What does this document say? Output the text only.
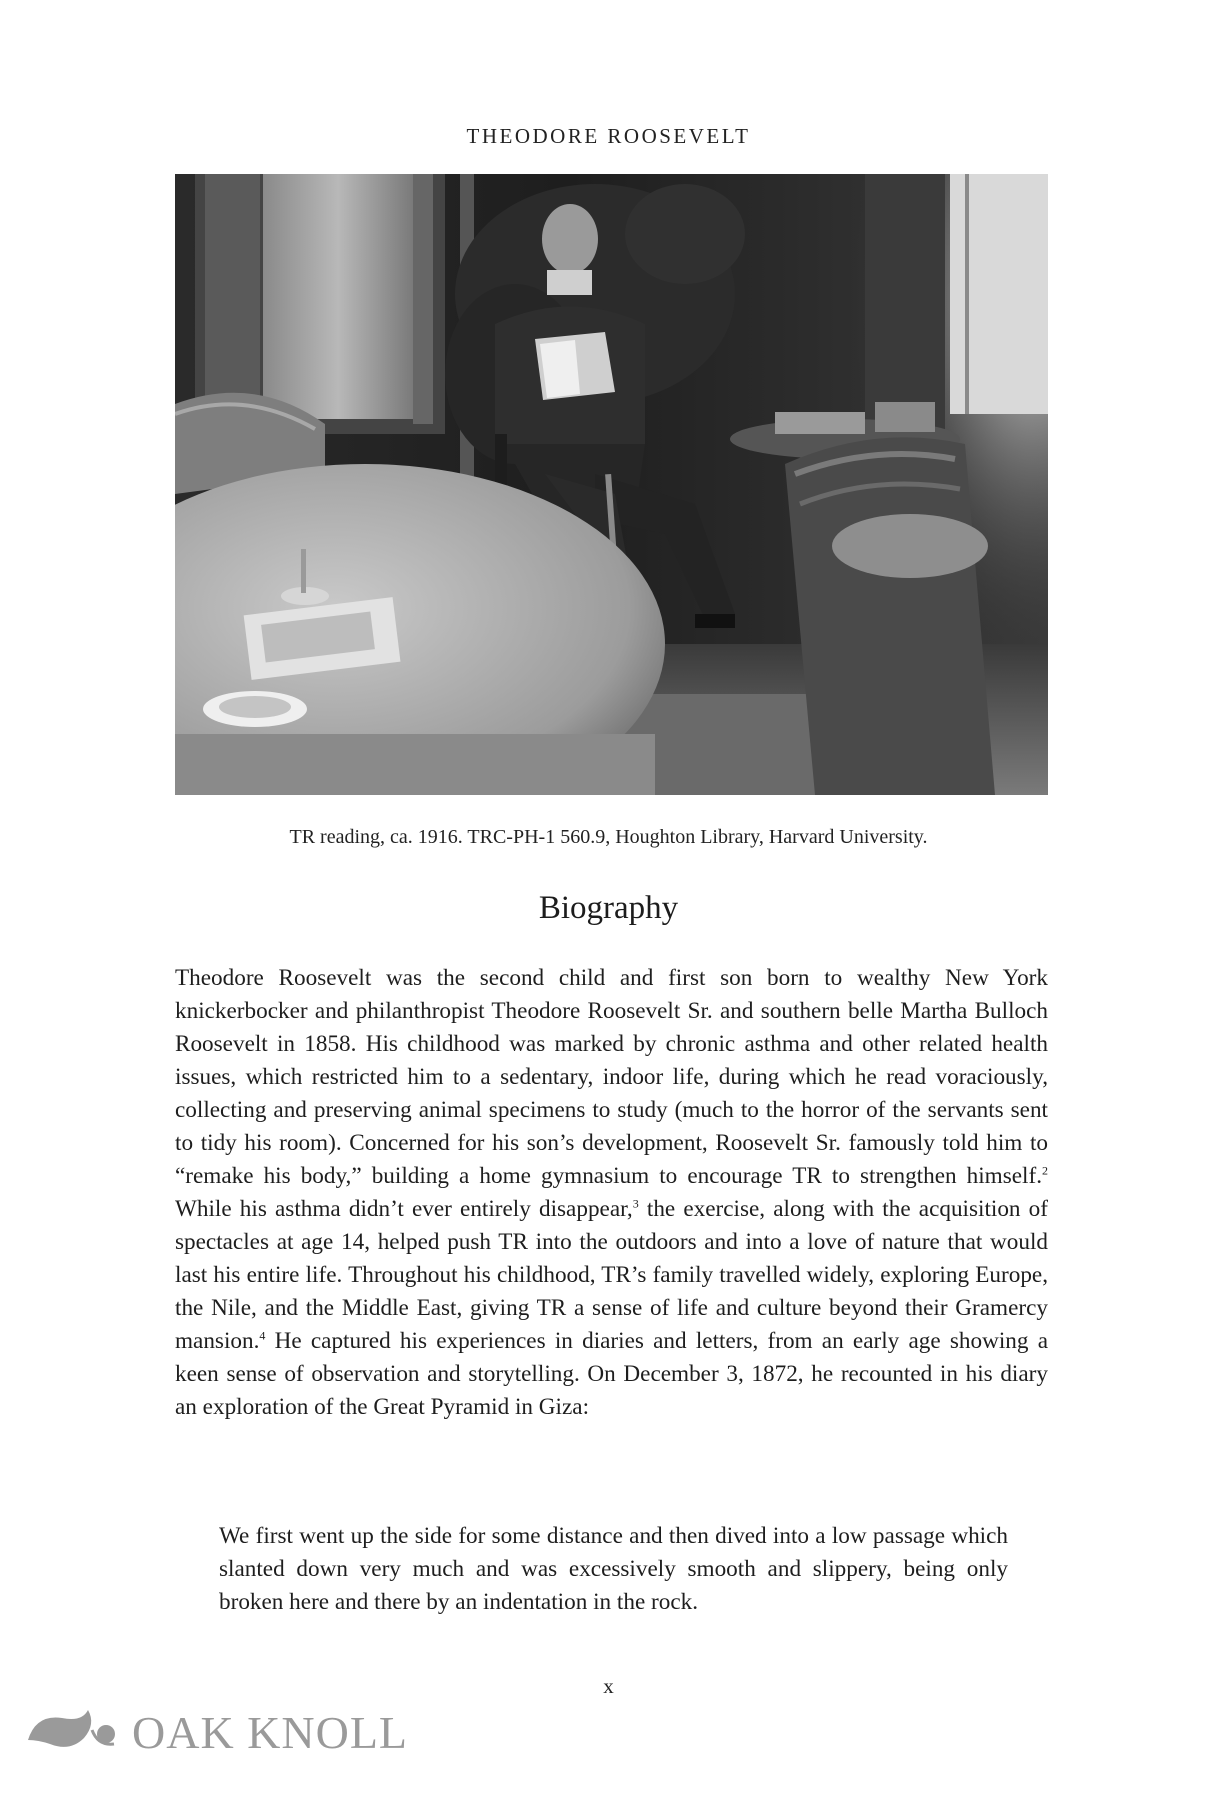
THEODORE ROOSEVELT
TR reading, ca. 1916. TRC-PH-1 560.9, Houghton Library, Harvard University.
Biography
Theodore Roosevelt was the second child and first son born to wealthy New York knickerbocker and philanthropist Theodore Roosevelt Sr. and southern belle Martha Bulloch Roosevelt in 1858. His childhood was marked by chronic asthma and other related health issues, which restricted him to a sedentary, indoor life, during which he read voraciously, collecting and preserving animal specimens to study (much to the horror of the servants sent to tidy his room). Concerned for his son’s development, Roosevelt Sr. famously told him to “remake his body,” building a home gymnasium to encourage TR to strengthen himself.$^2$ While his asthma didn’t ever entirely disappear,$^3$ the exercise, along with the acquisition of spectacles at age 14, helped push TR into the outdoors and into a love of nature that would last his entire life. Throughout his childhood, TR’s family travelled widely, exploring Europe, the Nile, and the Middle East, giving TR a sense of life and culture beyond their Gramercy mansion.$^4$ He captured his experiences in diaries and letters, from an early age showing a keen sense of observation and storytelling. On December 3, 1872, he recounted in his diary an exploration of the Great Pyramid in Giza:
We first went up the side for some distance and then dived into a low passage which slanted down very much and was excessively smooth and slippery, being only broken here and there by an indentation in the rock.
x
OAK KNOLL
